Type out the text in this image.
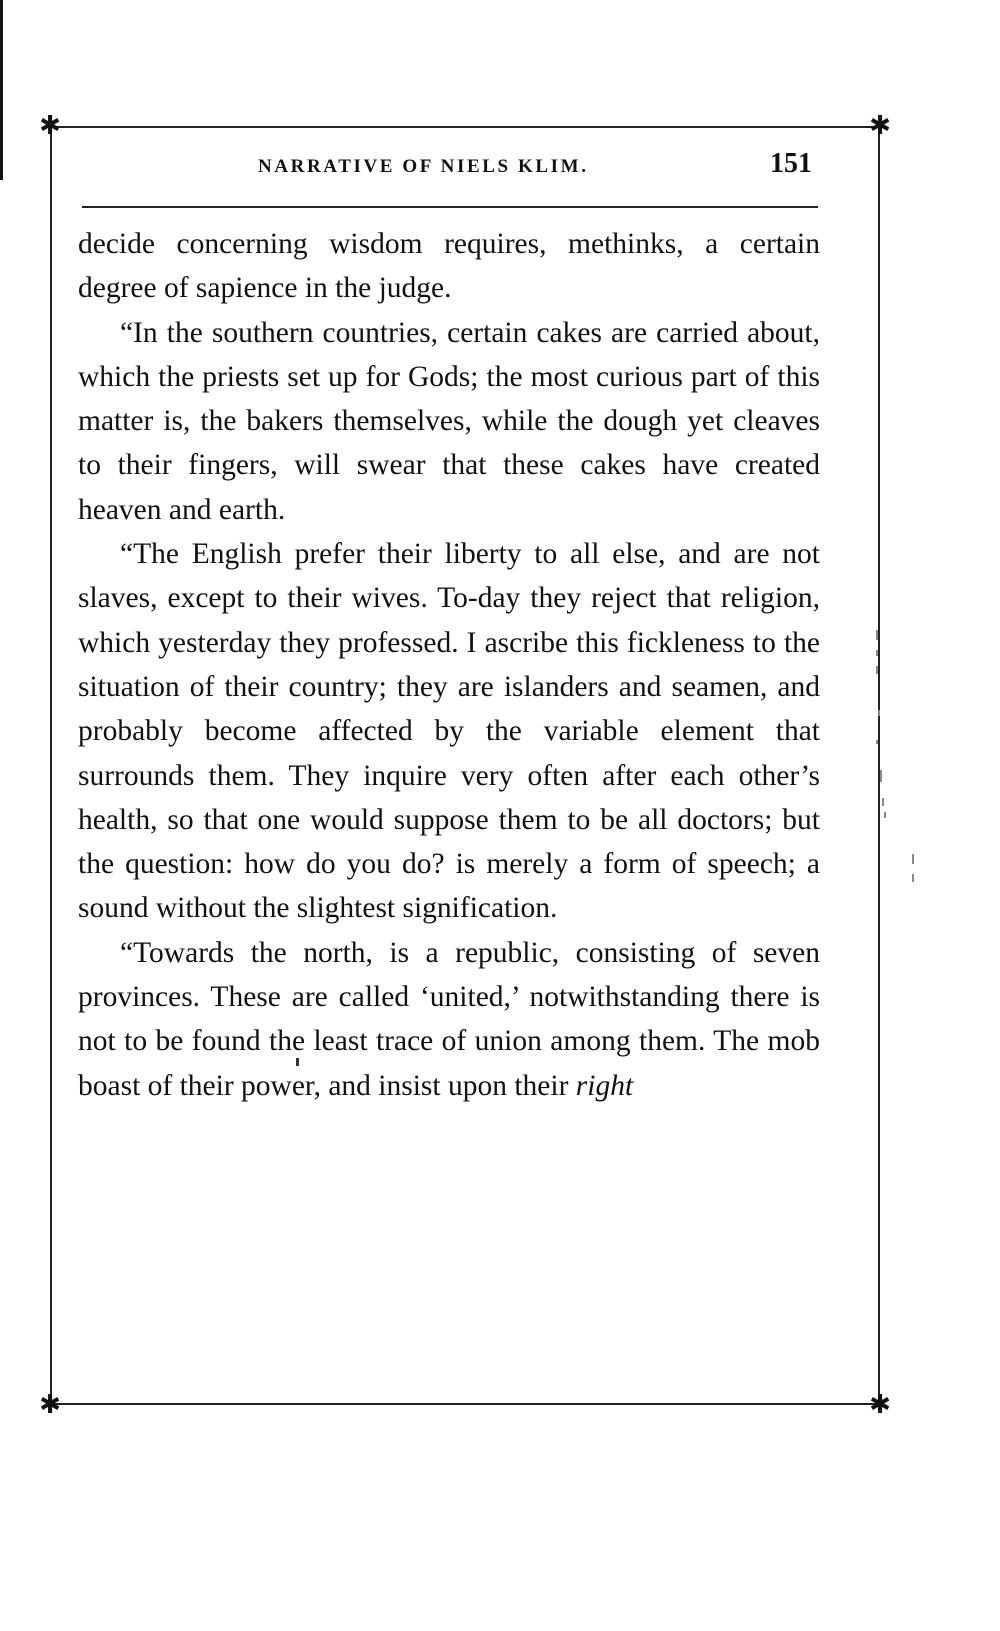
✱	✱
✱	✱
NARRATIVE OF NIELS KLIM.	151

decide concerning wisdom requires, methinks, a certain degree of sapience in the judge.

“In the southern countries, certain cakes are carried about, which the priests set up for Gods; the most curious part of this matter is, the bakers themselves, while the dough yet cleaves to their fingers, will swear that these cakes have created heaven and earth.

“The English prefer their liberty to all else, and are not slaves, except to their wives. To-day they reject that religion, which yesterday they professed. I ascribe this fickleness to the situation of their country; they are islanders and seamen, and probably become affected by the variable element that surrounds them. They inquire very often after each other’s health, so that one would suppose them to be all doctors; but the question: how do you do? is merely a form of speech; a sound without the slightest signification.

“Towards the north, is a republic, consisting of seven provinces. These are called ‘united,’ notwithstanding there is not to be found the least trace of union among them. The mob boast of their power, and insist upon their right
